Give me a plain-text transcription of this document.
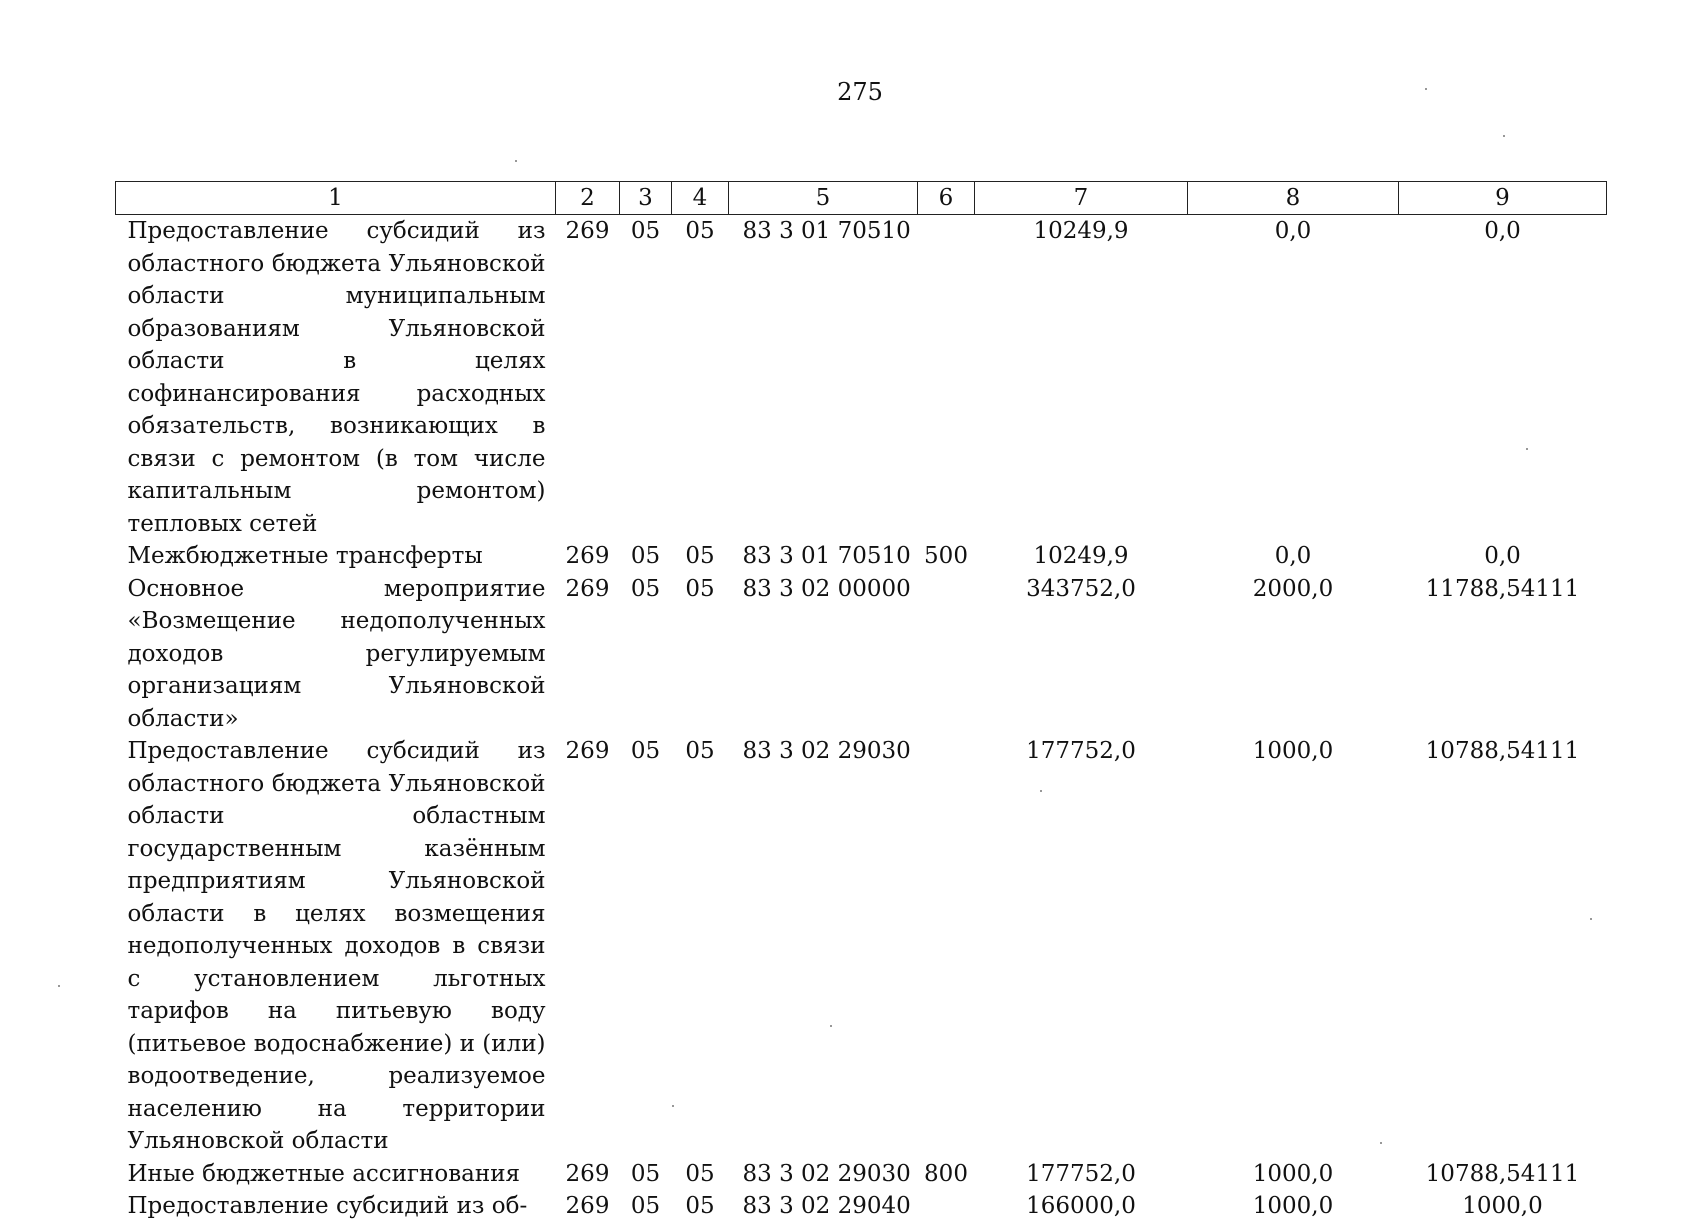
275
1	2	3	4	5	6	7	8	9
Предоставление субсидий из областного бюджета Ульяновской области муниципальным образованиям Ульяновской области в целях софинансирования расходных обязательств, возникающих в связи с ремонтом (в том числе капитальным ремонтом) тепловых сетей	269	05	05	83 3 01 70510		10249,9	0,0	0,0
Межбюджетные трансферты	269	05	05	83 3 01 70510	500	10249,9	0,0	0,0
Основное мероприятие «Возмещение недополученных доходов регулируемым организациям Ульяновской области»	269	05	05	83 3 02 00000		343752,0	2000,0	11788,54111
Предоставление субсидий из областного бюджета Ульяновской области областным государственным казённым предприятиям Ульяновской области в целях возмещения недополученных доходов в связи с установлением льготных тарифов на питьевую воду (питьевое водоснабжение) и (или) водоотведение, реализуемое населению на территории Ульяновской области	269	05	05	83 3 02 29030		177752,0	1000,0	10788,54111
Иные бюджетные ассигнования	269	05	05	83 3 02 29030	800	177752,0	1000,0	10788,54111
Предоставление субсидий из об-	269	05	05	83 3 02 29040		166000,0	1000,0	1000,0
